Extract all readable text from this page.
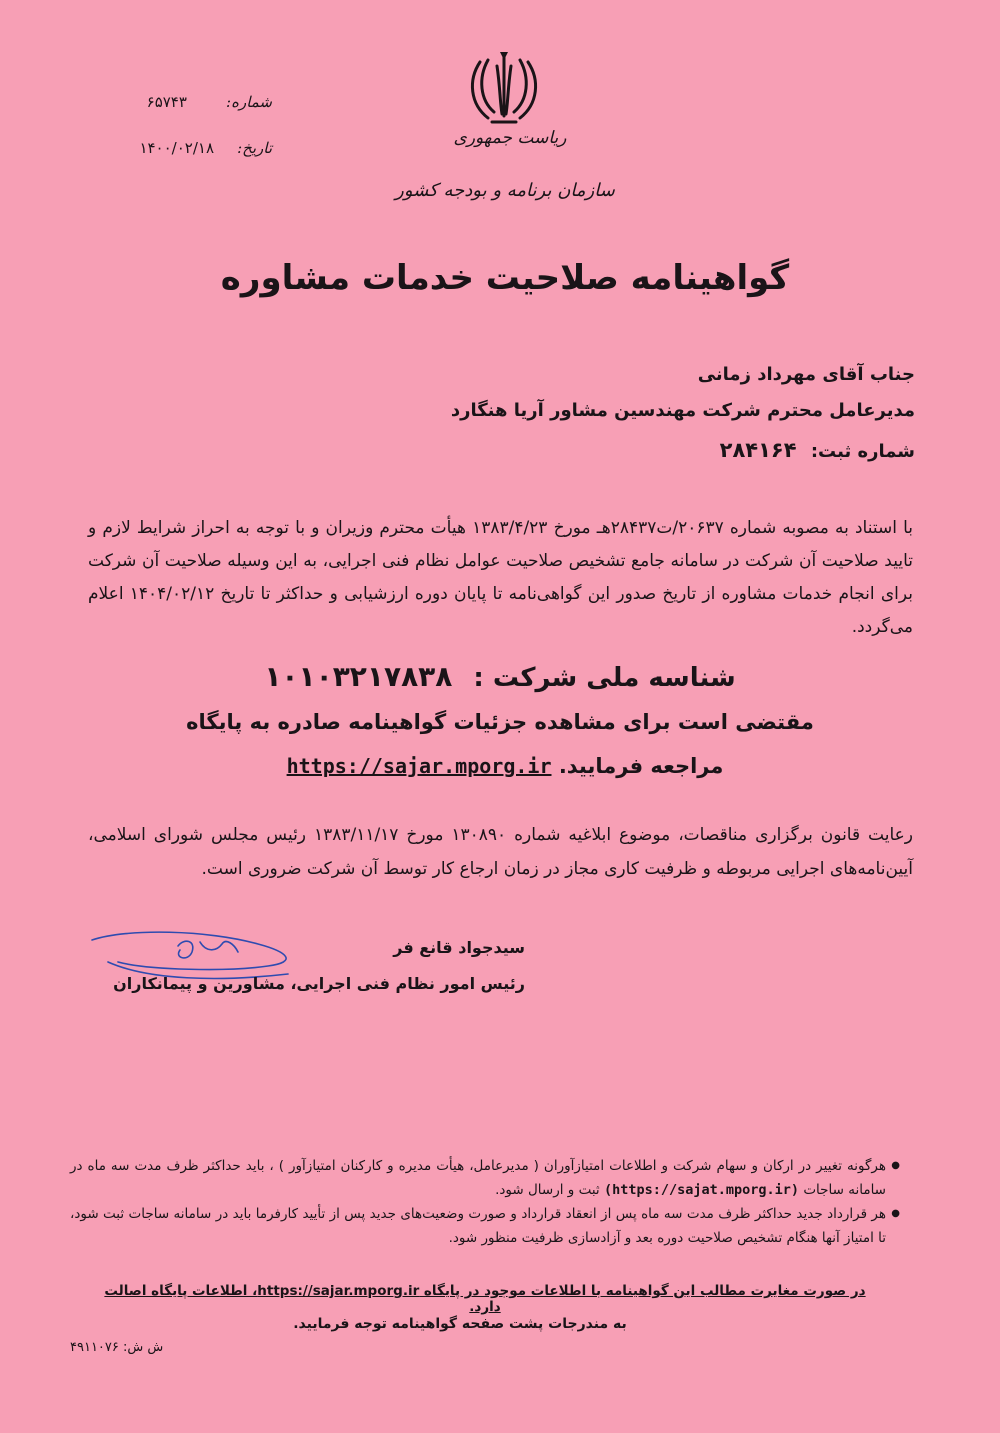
شماره: ۶۵۷۴۳
تاریخ: ۱۴۰۰/۰۲/۱۸	ریاست جمهوری
سازمان برنامه و بودجه کشور
گواهینامه صلاحیت خدمات مشاوره
جناب آقای مهرداد زمانی
مدیرعامل محترم شرکت مهندسین مشاور آریا هنگارد
شماره ثبت: ۲۸۴۱۶۴
با استناد به مصوبه شماره ۲۰۶۳۷/ت۲۸۴۳۷هـ مورخ ۱۳۸۳/۴/۲۳ هیأت محترم وزیران و با توجه به احراز شرایط لازم و تایید صلاحیت آن شرکت در سامانه جامع تشخیص صلاحیت عوامل نظام فنی اجرایی، به این وسیله صلاحیت آن شرکت برای انجام خدمات مشاوره از تاریخ صدور این گواهی‌نامه تا پایان دوره ارزشیابی و حداکثر تا تاریخ ۱۴۰۴/۰۲/۱۲ اعلام می‌گردد.
شناسه ملی شرکت : ۱۰۱۰۳۲۱۷۸۳۸
مقتضی است برای مشاهده جزئیات گواهینامه صادره به پایگاه
مراجعه فرمایید. https://sajar.mporg.ir
رعایت قانون برگزاری مناقصات، موضوع ابلاغیه شماره ۱۳۰۸۹۰ مورخ ۱۳۸۳/۱۱/۱۷ رئیس مجلس شورای اسلامی، آیین‌نامه‌های اجرایی مربوطه و ظرفیت کاری مجاز در زمان ارجاع کار توسط آن شرکت ضروری است.
سیدجواد قانع فر
رئیس امور نظام فنی اجرایی، مشاورین و پیمانکاران
● هرگونه تغییر در ارکان و سهام شرکت و اطلاعات امتیازآوران ( مدیرعامل، هیأت مدیره و کارکنان امتیازآور ) ، باید حداکثر ظرف مدت سه ماه در سامانه ساجات (https://sajat.mporg.ir) ثبت و ارسال شود.
● هر قرارداد جدید حداکثر ظرف مدت سه ماه پس از انعقاد قرارداد و صورت وضعیت‌های جدید پس از تأیید کارفرما باید در سامانه ساجات ثبت شود، تا امتیاز آنها هنگام تشخیص صلاحیت دوره بعد و آزادسازی ظرفیت منظور شود.
در صورت مغایرت مطالب این گواهینامه با اطلاعات موجود در پایگاه https://sajar.mporg.ir، اطلاعات پایگاه اصالت دارد.
به مندرجات پشت صفحه گواهینامه توجه فرمایید.
ش ش: ۴۹۱۱۰۷۶
